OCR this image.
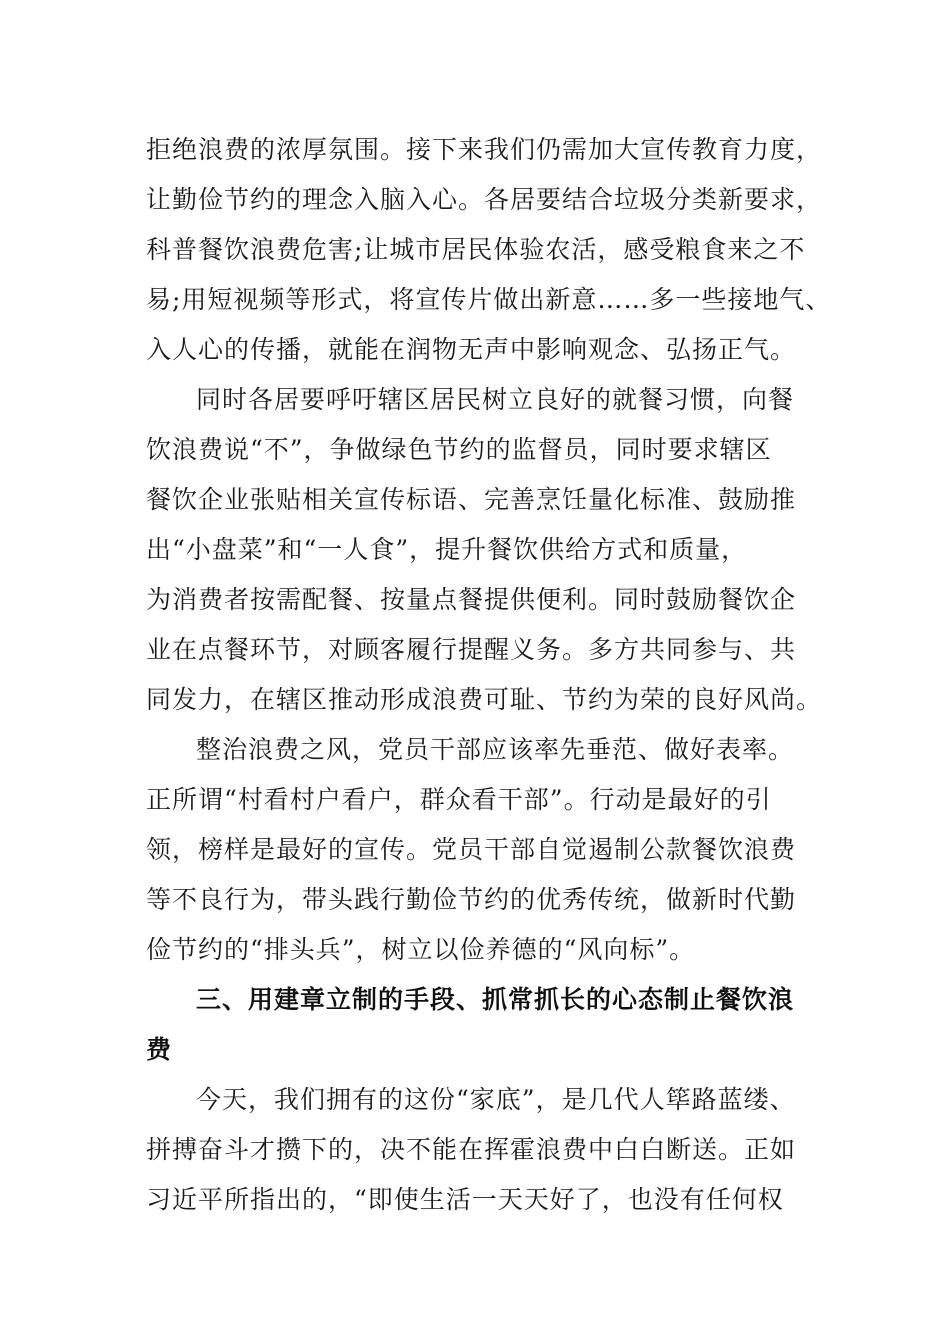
拒绝浪费的浓厚氛围。接下来我们仍需加大宣传教育力度，
让勤俭节约的理念入脑入心。各居要结合垃圾分类新要求，
科普餐饮浪费危害;让城市居民体验农活，感受粮食来之不
易;用短视频等形式，将宣传片做出新意……多一些接地气、
入人心的传播，就能在润物无声中影响观念、弘扬正气。
同时各居要呼吁辖区居民树立良好的就餐习惯，向餐
饮浪费说“不”，争做绿色节约的监督员，同时要求辖区
餐饮企业张贴相关宣传标语、完善烹饪量化标准、鼓励推
出“小盘菜”和“一人食”，提升餐饮供给方式和质量，
为消费者按需配餐、按量点餐提供便利。同时鼓励餐饮企
业在点餐环节，对顾客履行提醒义务。多方共同参与、共
同发力，在辖区推动形成浪费可耻、节约为荣的良好风尚。
整治浪费之风，党员干部应该率先垂范、做好表率。
正所谓“村看村户看户，群众看干部”。行动是最好的引
领，榜样是最好的宣传。党员干部自觉遏制公款餐饮浪费
等不良行为，带头践行勤俭节约的优秀传统，做新时代勤
俭节约的“排头兵”，树立以俭养德的“风向标”。
三、用建章立制的手段、抓常抓长的心态制止餐饮浪
费
今天，我们拥有的这份“家底”，是几代人筚路蓝缕、
拼搏奋斗才攒下的，决不能在挥霍浪费中白白断送。正如
习近平所指出的，“即使生活一天天好了，也没有任何权
